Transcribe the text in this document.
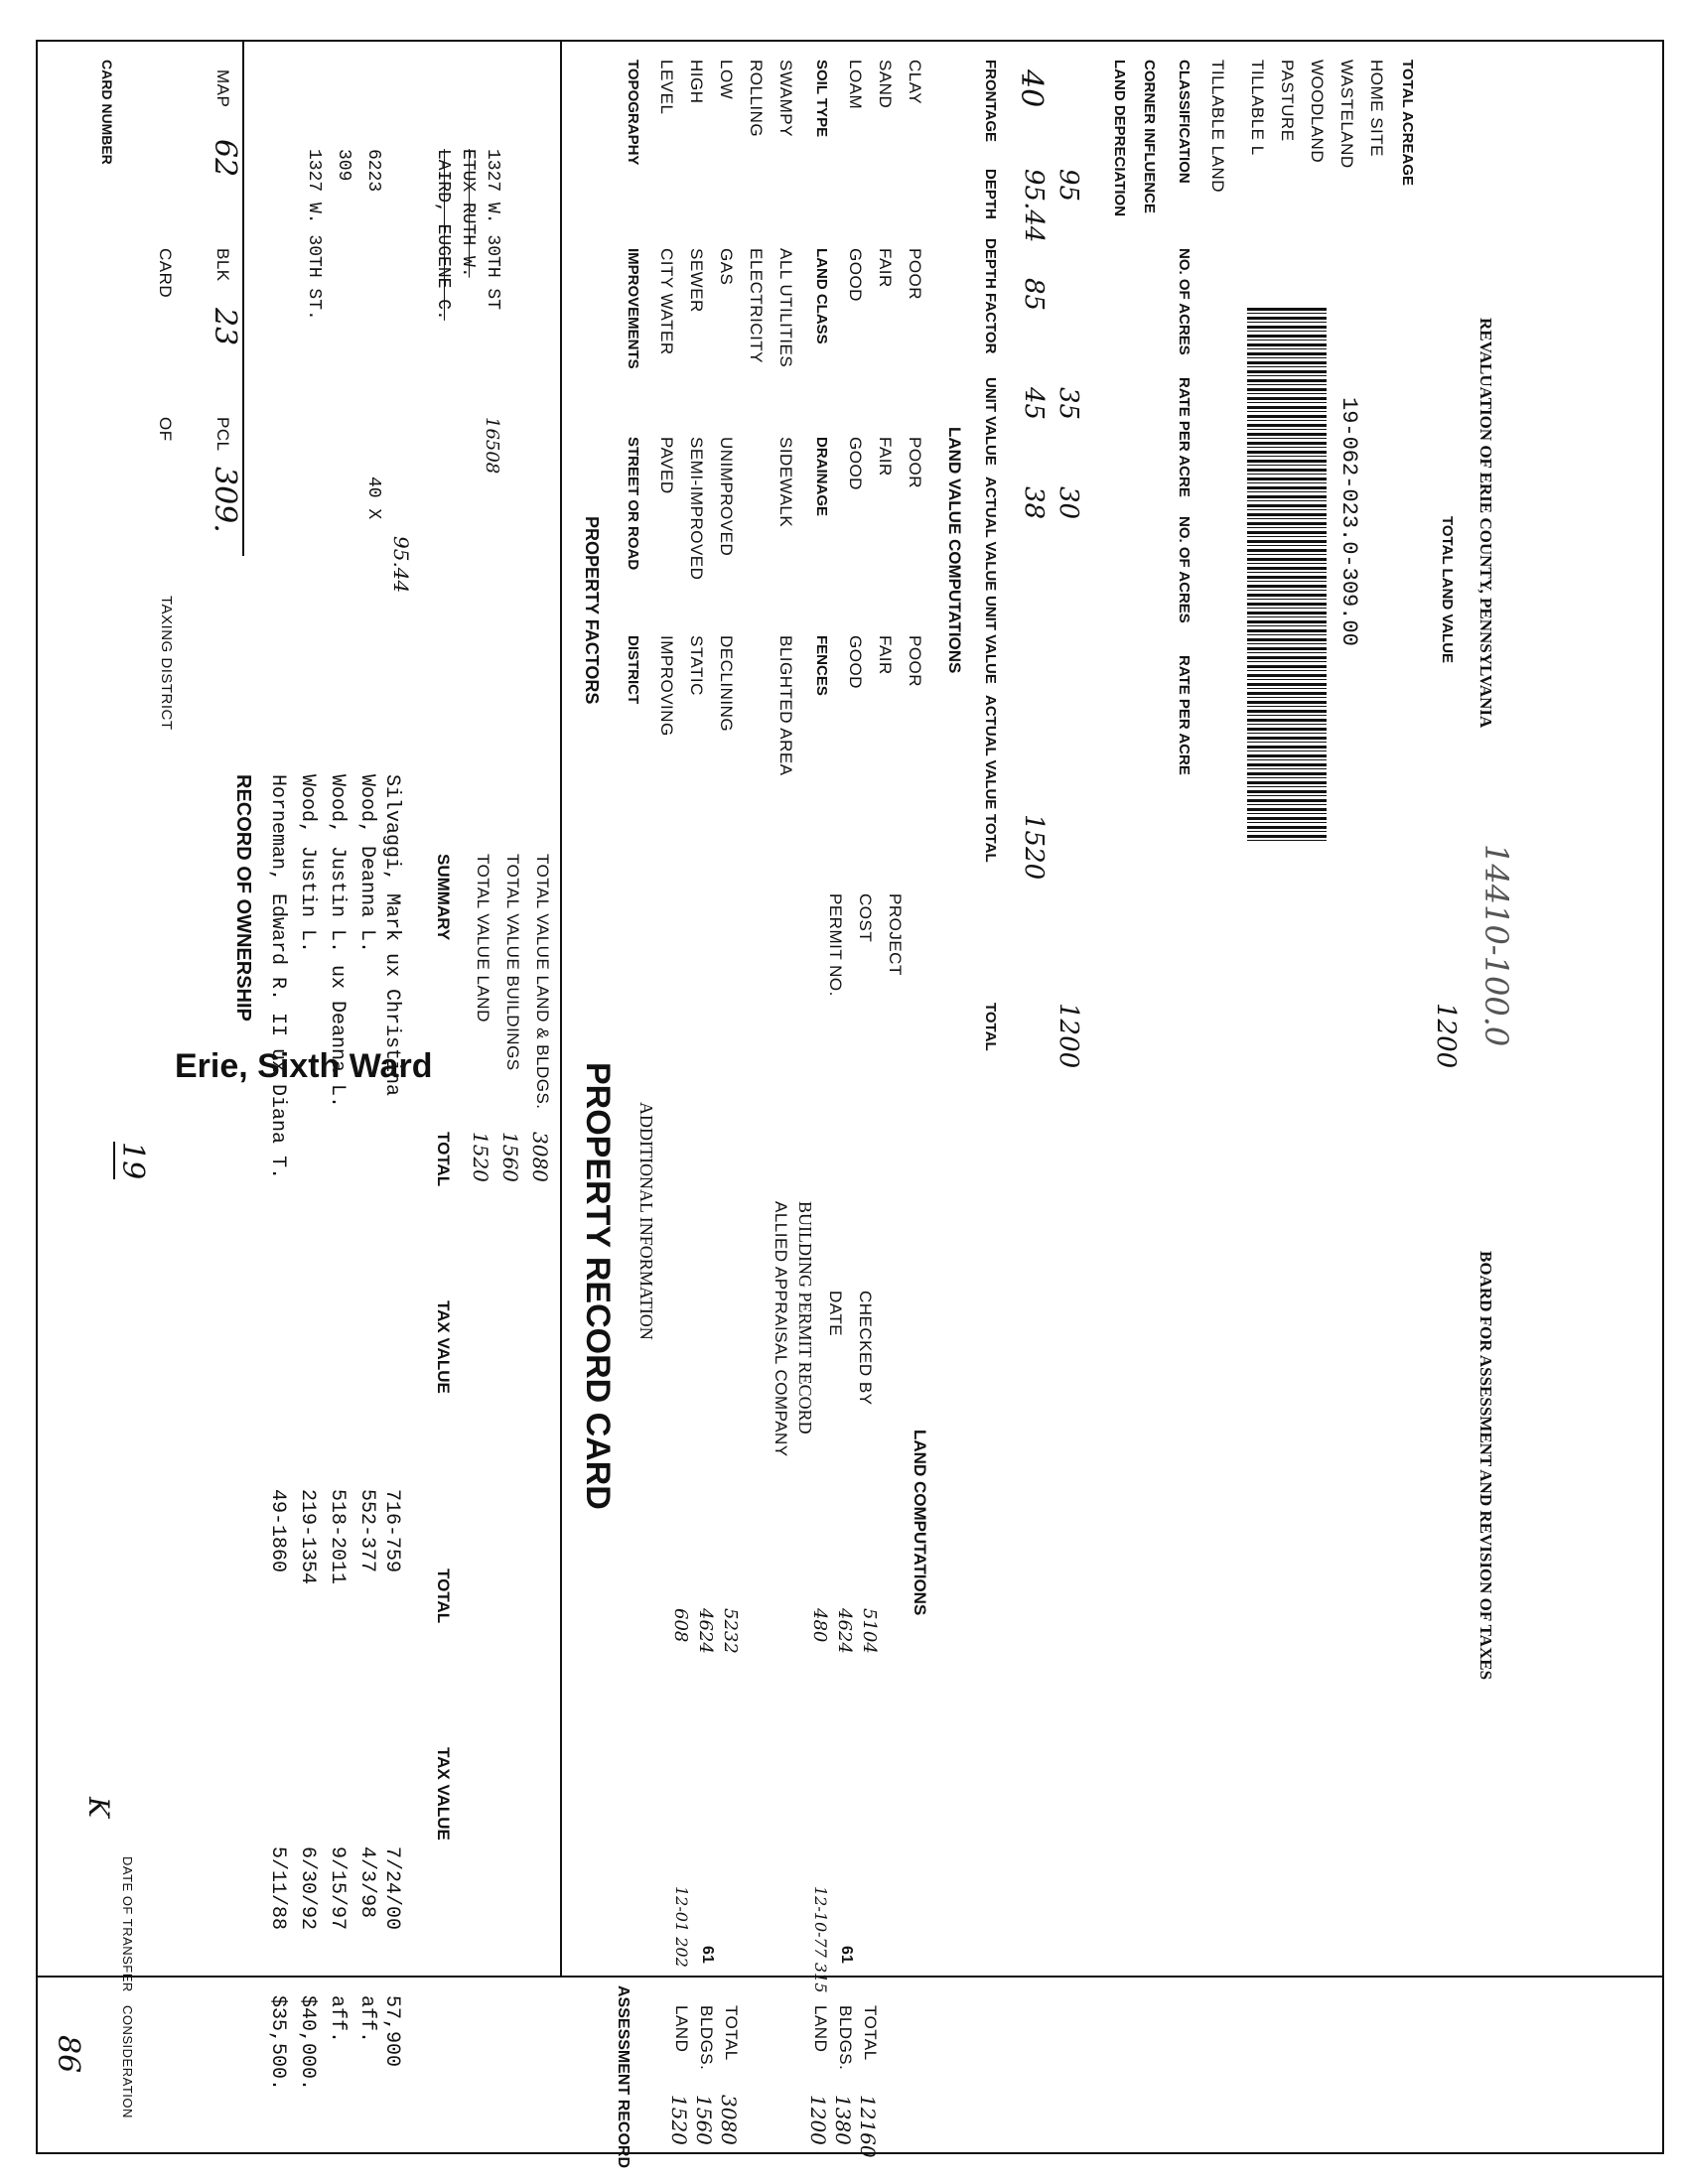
CARD NUMBER
K
Erie, Sixth Ward
MAP
62
BLK
23
PCL
309.
CARD
OF
TAXING DISTRICT
6223
309
1327 W. 30TH ST.
40 X
95.44
LAIRD, EUGENE C. ETUX RUTH W. 1327 W. 30TH ST
16508
RECORD OF OWNERSHIP
DATE OF TRANSFER
CONSIDERATION
Horneman, Edward R. II ux Diana T.
49-1860
Wood, Justin L.
219-1354
Wood, Justin L. ux Deanna L.
518-2011
Wood, Deanna L.
552-377
Silvaggi, Mark ux Christina
716-759
5/11/88
$35,500.
6/30/92
$40,000.
9/15/97
aff.
4/3/98
aff.
7/24/00
57,900
SUMMARY
TOTAL
TAX VALUE
TOTAL VALUE LAND
1520
TOTAL VALUE BUILDINGS
1560
TOTAL VALUE LAND & BLDGS.
3080 PROPERTY RECORD CARD ADDITIONAL INFORMATION	ALLIED APPRAISAL COMPANY BUILDING PERMIT RECORD DATE CHECKED BY
PERMIT NO. COST PROJECT
LAND COMPUTATIONS
TOTAL
TAX VALUE
ASSESSMENT RECORD LAND BLDGS. TOTAL
1520 1560 3080
61
LAND BLDGS. TOTAL
1200 1380 12160
61
608 4624 5232
12-01 202
480 4624 5104
12-10-77 315
PROPERTY FACTORS
TOPOGRAPHY LEVEL HIGH LOW ROLLING SWAMPY
IMPROVEMENTS CITY WATER SEWER GAS ELECTRICITY ALL UTILITIES
STREET OR ROAD PAVED SEMI-IMPROVED UNIMPROVED SIDEWALK
DISTRICT IMPROVING STATIC DECLINING BLIGHTED AREA
SOIL TYPE LOAM SAND CLAY
LAND CLASS GOOD FAIR POOR
DRAINAGE GOOD FAIR POOR
FENCES GOOD FAIR POOR LAND VALUE COMPUTATIONS
FRONTAGE
DEPTH
DEPTH FACTOR
UNIT VALUE
ACTUAL VALUE
UNIT VALUE
ACTUAL VALUE
TOTAL
TOTAL
40
95.44
85
45
38
1520
95
35
30
1200
LAND DEPRECIATION CORNER INFLUENCE CLASSIFICATION
NO. OF ACRES
RATE PER ACRE
NO. OF ACRES
RATE PER ACRE
TILLABLE LAND TILLABLE L PASTURE WOODLAND WASTELAND HOME SITE TOTAL ACREAGE
19-062-023.0-309.00	TOTAL LAND VALUE
1200 14410-100.0
REVALUATION OF ERIE COUNTY, PENNSYLVANIA
BOARD FOR ASSESSMENT AND REVISION OF TAXES
19
86
